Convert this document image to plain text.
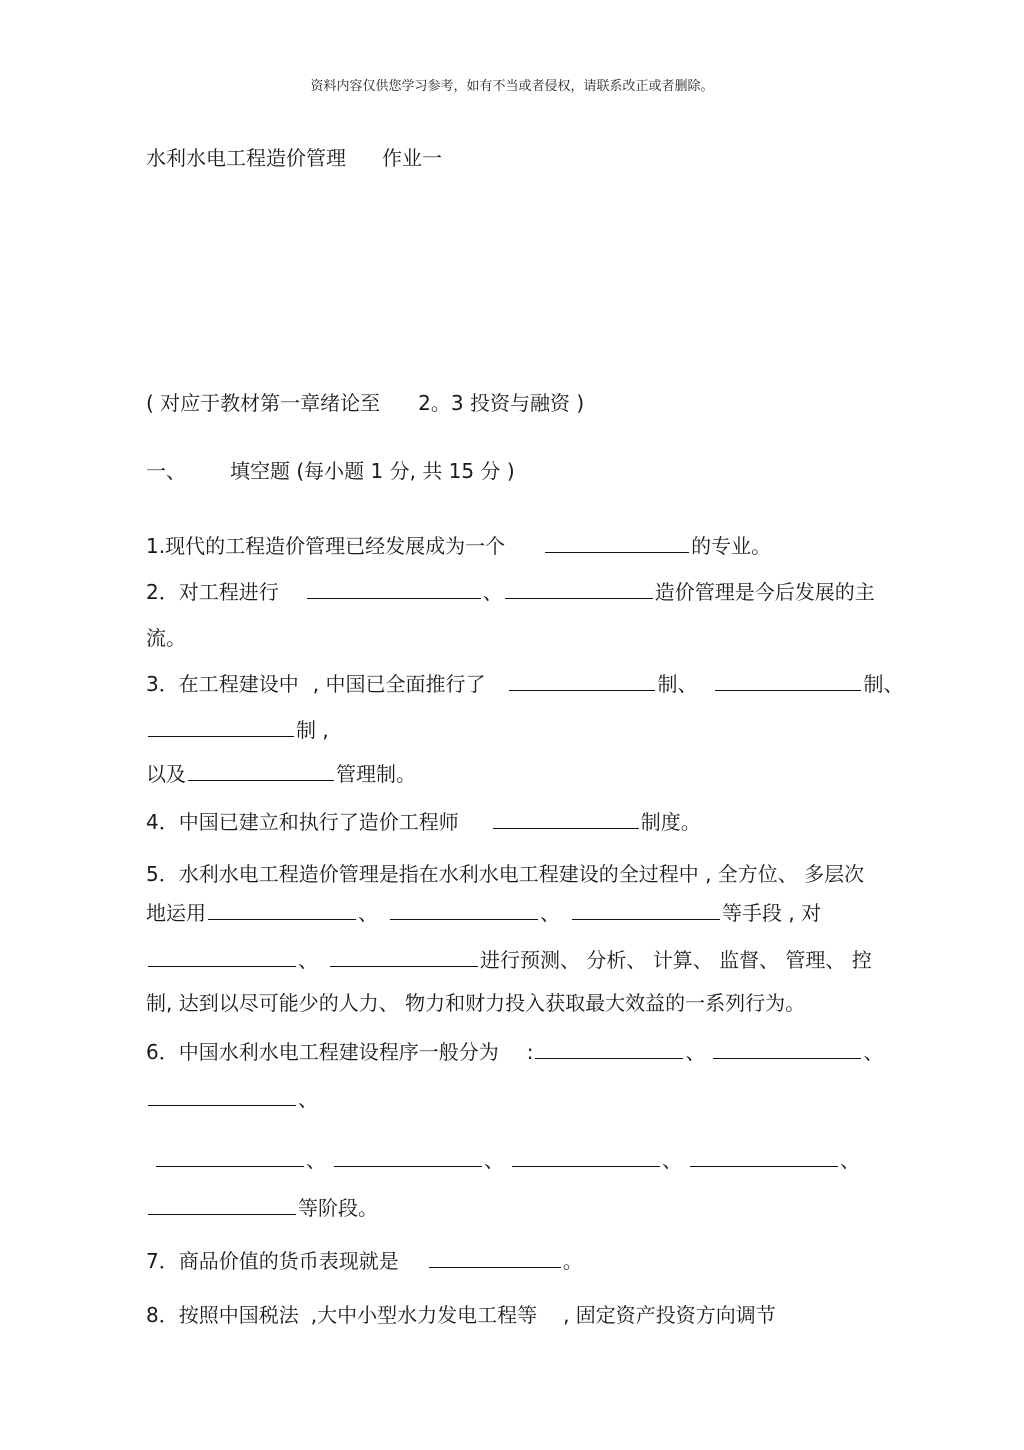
资料内容仅供您学习参考，如有不当或者侵权，请联系改正或者删除。
水利水电工程造价管理 作业一
( 对应于教材第一章绪论至 2。3 投资与融资 )
一、 填空题 (每小题 1 分, 共 15 分 )
1.现代的工程造价管理已经发展成为一个	的专业。
2．对工程进行	、	造价管理是今后发展的主
流。
3．在工程建设中 , 中国已全面推行了	制、	制、
制 ,
以及	管理制。
4．中国已建立和执行了造价工程师	制度。
5．水利水电工程造价管理是指在水利水电工程建设的全过程中 , 全方位、 多层次
地运用	、	、	等手段 , 对
、	进行预测、 分析、 计算、 监督、 管理、 控
制, 达到以尽可能少的人力、 物力和财力投入获取最大效益的一系列行为。
6．中国水利水电工程建设程序一般分为 :	、	、
、
、	、	、	、
等阶段。
7．商品价值的货币表现就是	。
8．按照中国税法 ,大中小型水力发电工程等 , 固定资产投资方向调节
